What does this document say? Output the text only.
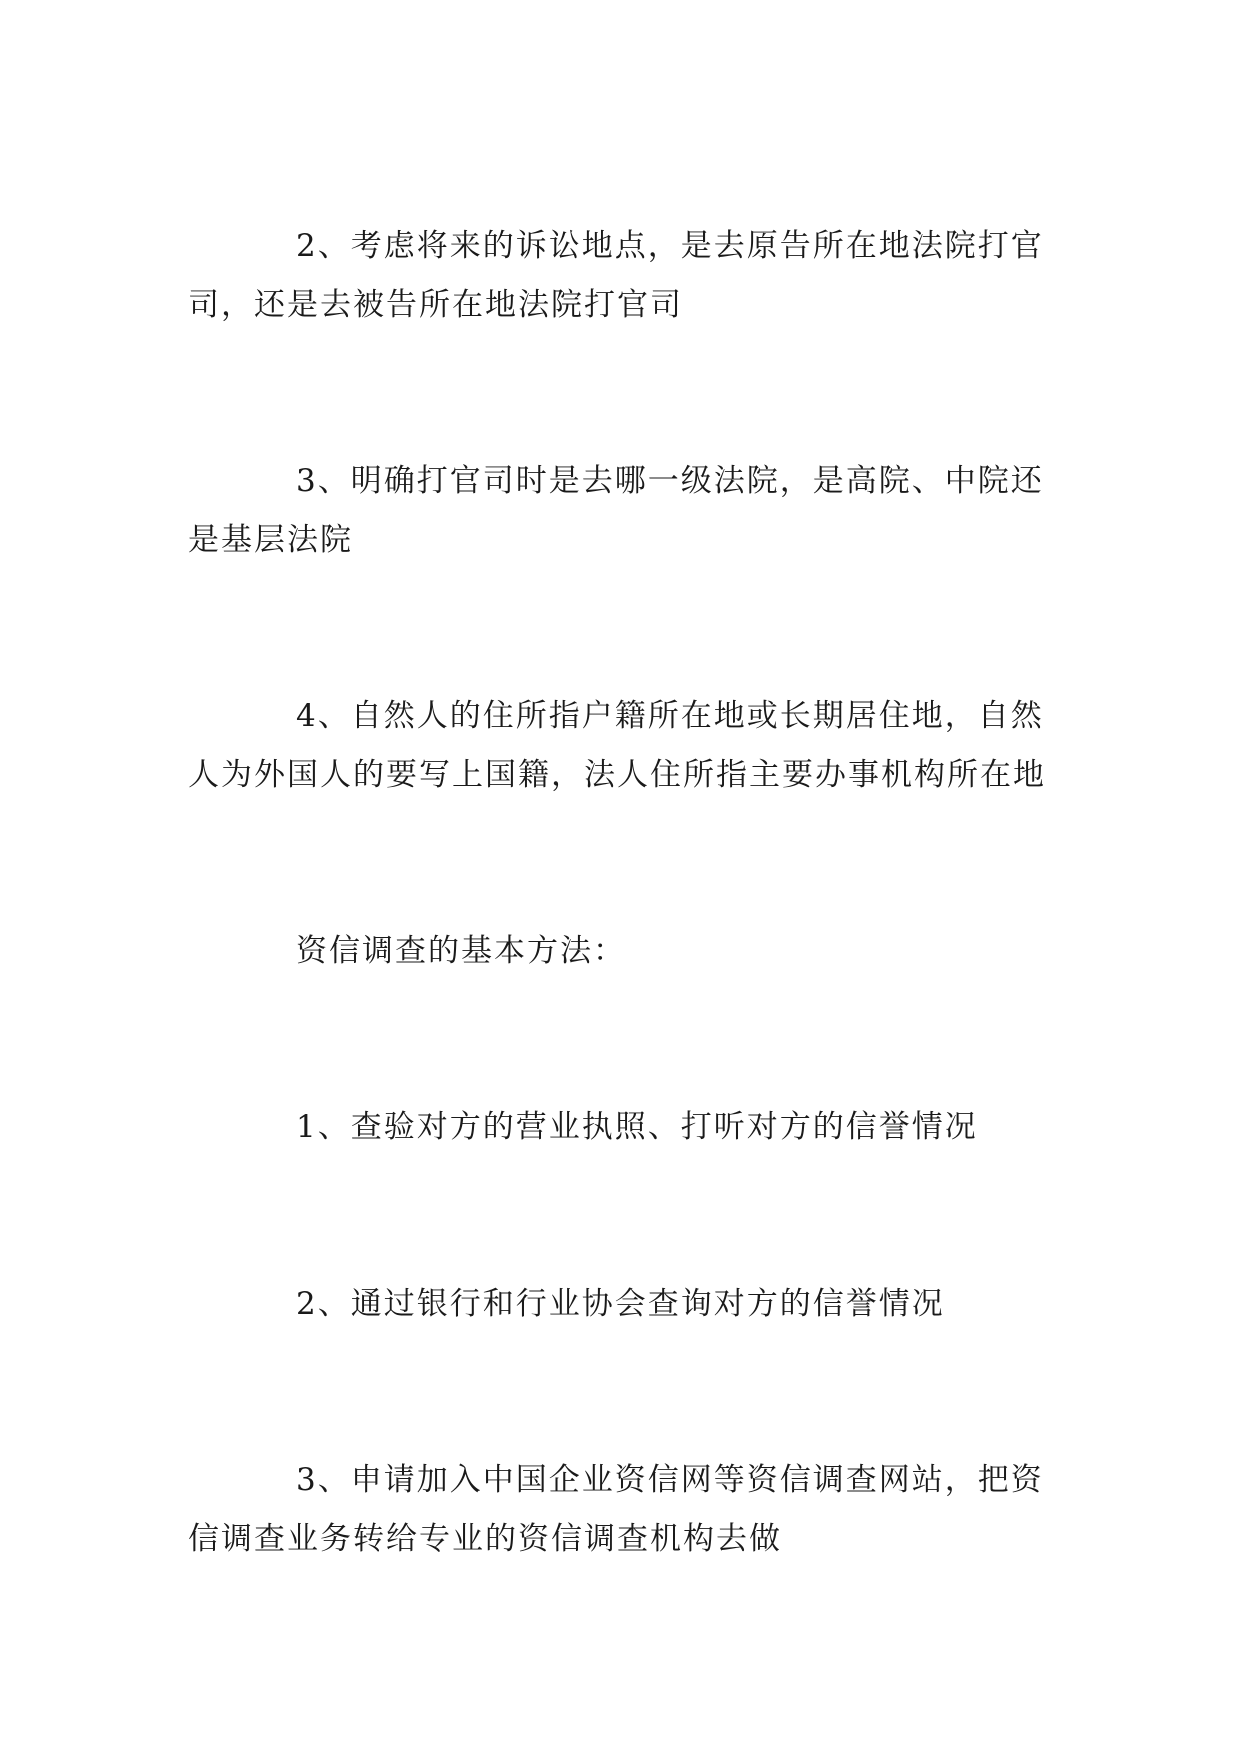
2、考虑将来的诉讼地点，是去原告所在地法院打官
司，还是去被告所在地法院打官司

3、明确打官司时是去哪一级法院，是高院、中院还
是基层法院

4、自然人的住所指户籍所在地或长期居住地，自然
人为外国人的要写上国籍，法人住所指主要办事机构所在地

资信调查的基本方法：

1、查验对方的营业执照、打听对方的信誉情况

2、通过银行和行业协会查询对方的信誉情况

3、申请加入中国企业资信网等资信调查网站，把资
信调查业务转给专业的资信调查机构去做
